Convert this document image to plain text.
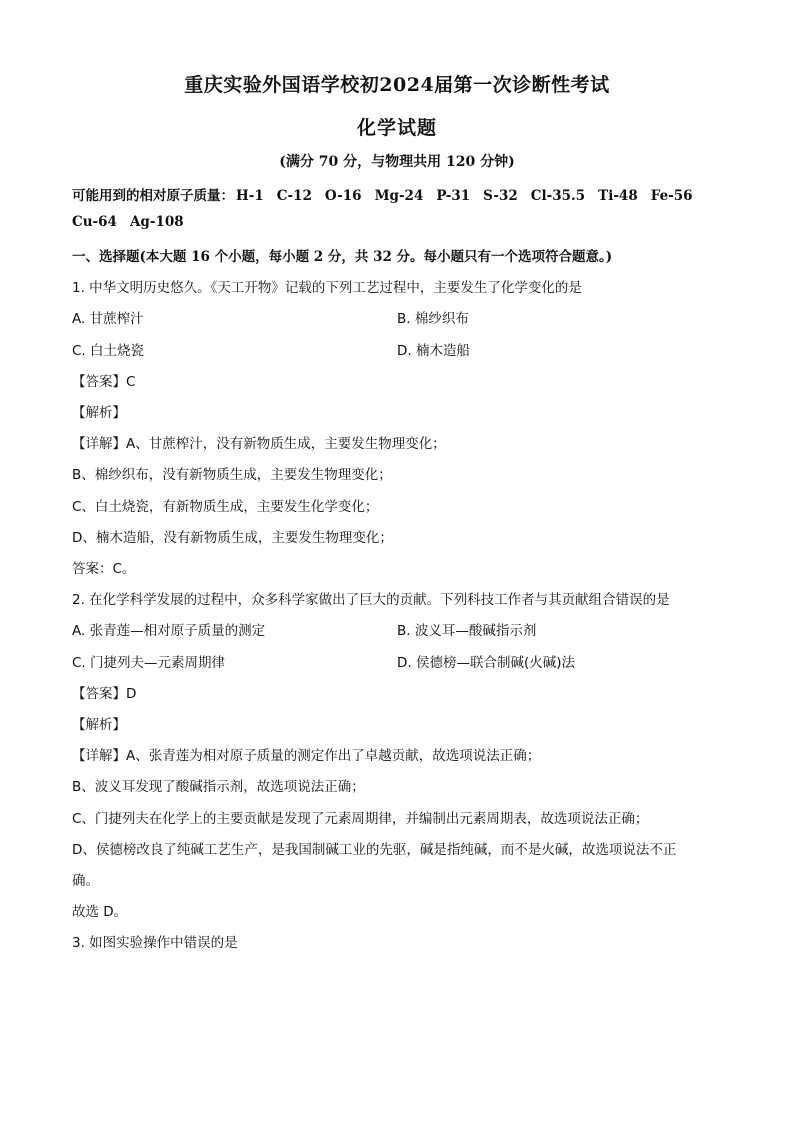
重庆实验外国语学校初2024届第一次诊断性考试
化学试题
(满分 70 分，与物理共用 120 分钟)
可能用到的相对原子质量： H-1 C-12 O-16 Mg-24 P-31 S-32 Cl-35.5 Ti-48 Fe-56
Cu-64 Ag-108
一、选择题(本大题 16 个小题，每小题 2 分，共 32 分。每小题只有一个选项符合题意。)
1. 中华文明历史悠久。《天工开物》记载的下列工艺过程中，主要发生了化学变化的是
A. 甘蔗榨汁	B. 棉纱织布
C. 白土烧瓷	D. 楠木造船
【答案】C
【解析】
【详解】A、甘蔗榨汁，没有新物质生成，主要发生物理变化；
B、棉纱织布，没有新物质生成，主要发生物理变化；
C、白土烧瓷，有新物质生成，主要发生化学变化；
D、楠木造船，没有新物质生成，主要发生物理变化；
答案：C。
2. 在化学科学发展的过程中，众多科学家做出了巨大的贡献。下列科技工作者与其贡献组合错误的是
A. 张青莲—相对原子质量的测定	B. 波义耳—酸碱指示剂
C. 门捷列夫—元素周期律	D. 侯德榜—联合制碱(火碱)法
【答案】D
【解析】
【详解】A、张青莲为相对原子质量的测定作出了卓越贡献，故选项说法正确；
B、波义耳发现了酸碱指示剂，故选项说法正确；
C、门捷列夫在化学上的主要贡献是发现了元素周期律，并编制出元素周期表，故选项说法正确；
D、侯德榜改良了纯碱工艺生产，是我国制碱工业的先驱，碱是指纯碱，而不是火碱，故选项说法不正
确。
故选 D。
3. 如图实验操作中错误的是
